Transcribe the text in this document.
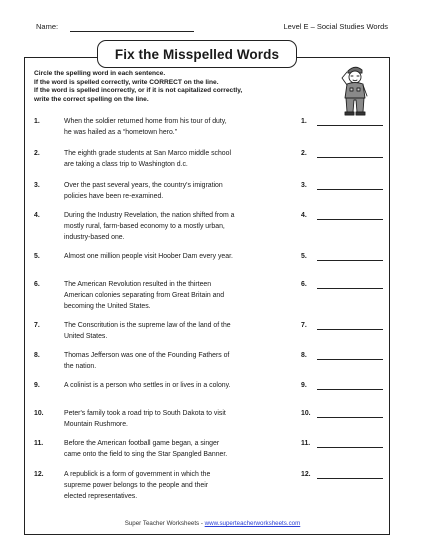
Name:	Level E – Social Studies Words
Fix the Misspelled Words
Circle the spelling word in each sentence.
If the word is spelled correctly, write CORRECT on the line.
If the word is spelled incorrectly, or if it is not capitalized correctly,
write the correct spelling on the line.
1.	When the soldier returned home from his tour of duty,
he was hailed as a “hometown hero.”
1.
2.	The eighth grade students at San Marco middle school
are taking a class trip to Washington d.c.
2.
3.	Over the past several years, the country's imigration
policies have been re-examined.
3.
4.	During the Industry Revelation, the nation shifted from a
mostly rural, farm-based economy to a mostly urban,
industry-based one.
4.
5.	Almost one million people visit Hoober Dam every year.	5.
6.	The American Revolution resulted in the thirteen
American colonies separating from Great Britain and
becoming the United States.
6.
7.	The Conscritution is the supreme law of the land of the
United States.
7.
8.	Thomas Jefferson was one of the Founding Fathers of
the nation.
8.
9.	A colinist is a person who settles in or lives in a colony.	9.
10.	Peter's family took a road trip to South Dakota to visit
Mountain Rushmore.
10.
11.	Before the American football game began, a singer
came onto the field to sing the Star Spangled Banner.
11.
12.	A republick is a form of government in which the
supreme power belongs to the people and their
elected representatives.
12.
Super Teacher Worksheets - www.superteacherworksheets.com
